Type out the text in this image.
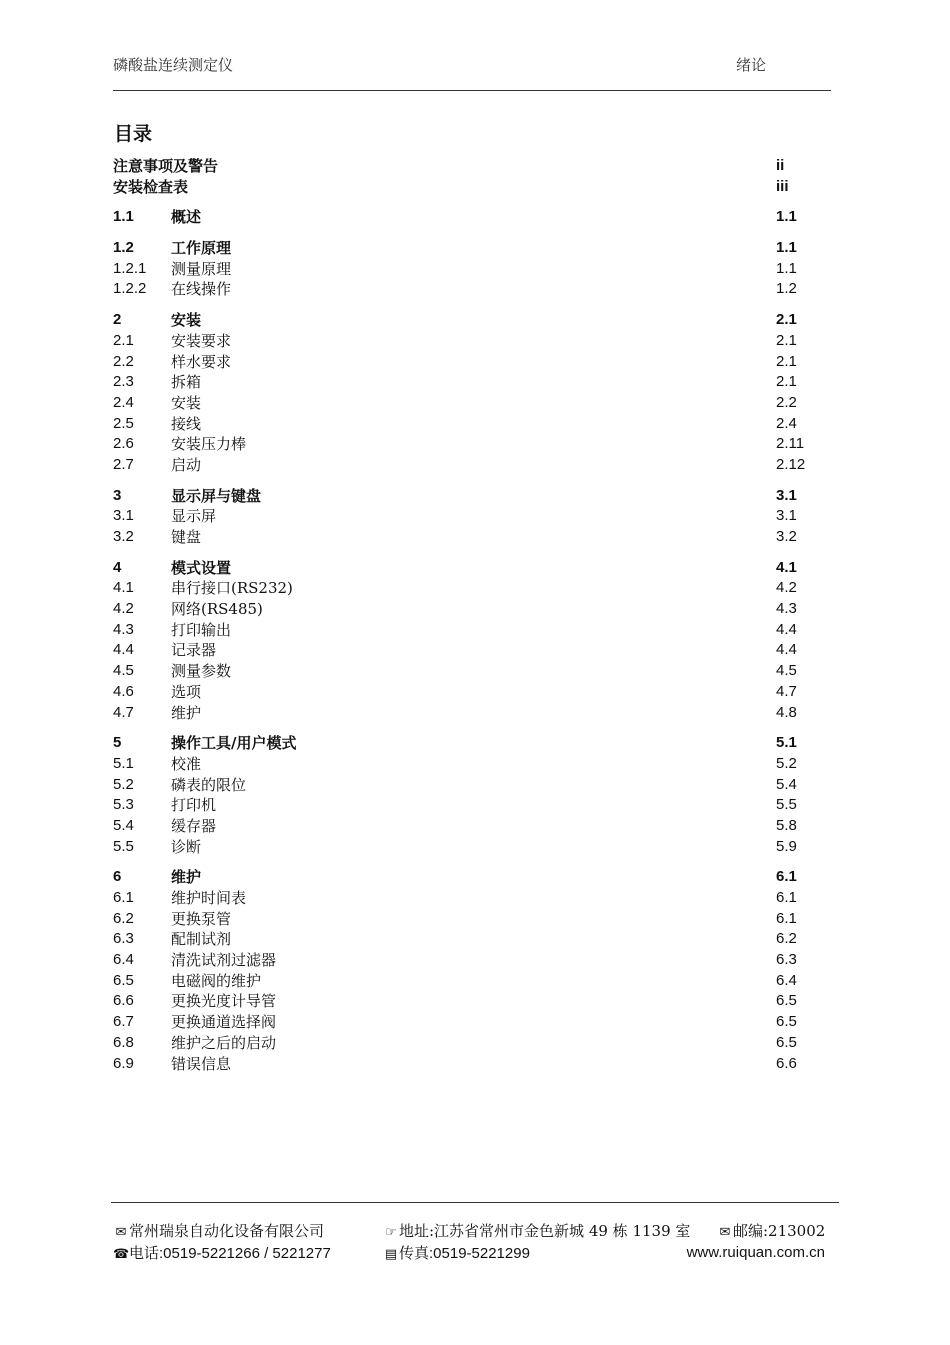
磷酸盐连续测定仪	绪论
目录
注意事项及警告	ii
安装检查表	iii
1.1 概述	1.1
1.2 工作原理	1.1
1.2.1 测量原理	1.1
1.2.2 在线操作	1.2
2	安装	2.1
2.1 安装要求	2.1
2.2 样水要求	2.1
2.3 拆箱	2.1
2.4 安装	2.2
2.5 接线	2.4
2.6 安装压力棒	2.11
2.7 启动	2.12
3	显示屏与键盘	3.1
3.1 显示屏	3.1
3.2 键盘	3.2
4	模式设置	4.1
4.1 串行接口(RS232)	4.2
4.2 网络(RS485)	4.3
4.3 打印输出	4.4
4.4 记录器	4.4
4.5 测量参数	4.5
4.6 选项	4.7
4.7 维护	4.8
5	操作工具/用户模式	5.1
5.1 校准	5.2
5.2 磷表的限位	5.4
5.3 打印机	5.5
5.4 缓存器	5.8
5.5 诊断	5.9
6	维护	6.1
6.1 维护时间表	6.1
6.2 更换泵管	6.1
6.3 配制试剂	6.2
6.4 清洗试剂过滤器	6.3
6.5 电磁阀的维护	6.4
6.6 更换光度计导管	6.5
6.7 更换通道选择阀	6.5
6.8 维护之后的启动	6.5
6.9 错误信息	6.6
✉ 常州瑞泉自动化设备有限公司	☞ 地址:江苏省常州市金色新城 49 栋 1139 室 ✉ 邮编:213002
☎电话:0519-5221266 / 5221277	▤ 传真:0519-5221299	www.ruiquan.com.cn
